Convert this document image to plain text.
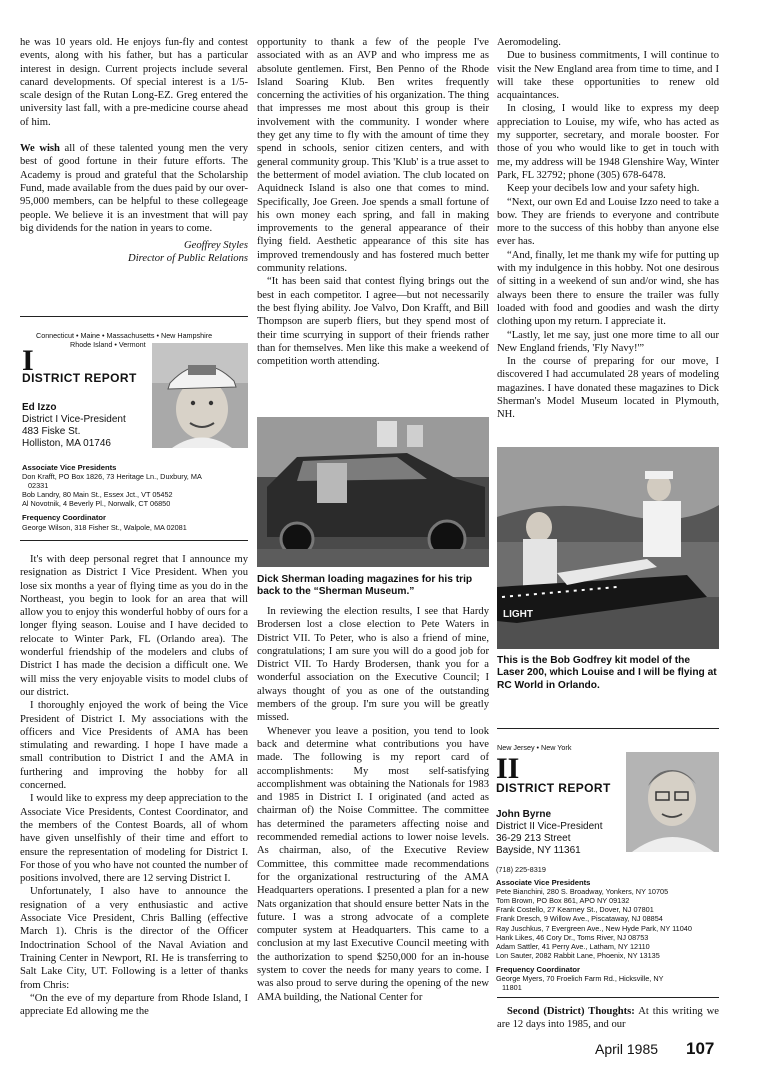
he was 10 years old. He enjoys fun-fly and contest events, along with his father, but has a particular interest in design. Current projects include several canard developments. Of special interest is a 1/5-scale design of the Rutan Long-EZ. Greg entered the university last fall, with a pre-medicine course ahead of him.

We wish all of these talented young men the very best of good fortune in their future efforts. The Academy is proud and grateful that the Scholarship Fund, made available from the dues paid by our over-95,000 members, can be helpful to these collegeage people. We believe it is an investment that will pay big dividends for the nation in years to come.

Geoffrey Styles

Director of Public Relations

Connecticut • Maine • Massachusetts • New Hampshire
Rhode Island • Vermont
I
DISTRICT REPORT
Ed Izzo
District I Vice-President
483 Fiske St.
Holliston, MA 01746
Associate Vice Presidents
Don Krafft, PO Box 1826, 73 Heritage Ln., Duxbury, MA
02331
Bob Landry, 80 Main St., Essex Jct., VT 05452
Al Novotnik, 4 Beverly Pl., Norwalk, CT 06850
Frequency Coordinator
George Wilson, 318 Fisher St., Walpole, MA 02081

It's with deep personal regret that I announce my resignation as District I Vice President. When you lose six months a year of flying time as you do in the Northeast, you begin to look for an area that will allow you to enjoy this wonderful hobby of ours for a longer flying season. Louise and I have decided to relocate to Winter Park, FL (Orlando area). The wonderful friendship of the modelers and clubs of District I has made the decision a difficult one. We will miss the very enjoyable visits to model clubs of our district.

I thoroughly enjoyed the work of being the Vice President of District I. My associations with the officers and Vice Presidents of AMA has been stimulating and rewarding. I hope I have made a small contribution to District I and the AMA in furthering and improving the hobby for all concerned.

I would like to express my deep appreciation to the Associate Vice Presidents, Contest Coordinator, and the members of the Contest Boards, all of whom have given unselfishly of their time and effort to ensure the representation of modeling for District I. For those of you who have not counted the number of positions involved, there are 12 serving District I.

Unfortunately, I also have to announce the resignation of a very enthusiastic and active Associate Vice President, Chris Balling (effective March 1). Chris is the director of the Officer Indoctrination School of the Naval Aviation and Training Center in Newport, RI. He is transferring to Salt Lake City, UT. Following is a letter of thanks from Chris:

“On the eve of my departure from Rhode Island, I appreciate Ed allowing me the

opportunity to thank a few of the people I've associated with as an AVP and who impress me as absolute gentlemen. First, Ben Penno of the Rhode Island Soaring Klub. Ben writes frequently concerning the activities of his organization. The thing that impresses me most about this group is their involvement with the community. I wonder where they get any time to fly with the amount of time they spend in schools, senior citizen centers, and with general community group. This 'Klub' is a true asset to the betterment of model aviation. The club located on Aquidneck Island is also one that comes to mind. Specifically, Joe Green. Joe spends a small fortune of his own money each spring, and fall in making improvements to the general appearance of their flying field. Aesthetic appearance of this site has improved tremendously and has fostered much better community relations.

“It has been said that contest flying brings out the best in each competitor. I agree—but not necessarily the best flying ability. Joe Valvo, Don Krafft, and Bill Thompson are superb fliers, but they spend most of their time scurrying in support of their friends rather than for themselves. Men like this make a weekend of competition worth attending.

Dick Sherman loading magazines for his trip back to the “Sherman Museum.”

In reviewing the election results, I see that Hardy Brodersen lost a close election to Pete Waters in District VII. To Peter, who is also a friend of mine, congratulations; I am sure you will do a good job for District VII. To Hardy Brodersen, thank you for a wonderful association on the Executive Council; I always thought of you as one of the outstanding members of the group. I'm sure you will be greatly missed.

Whenever you leave a position, you tend to look back and determine what contributions you have made. The following is my report card of accomplishments: My most self-satisfying accomplishment was obtaining the Nationals for 1983 and 1985 in District I. I originated (and acted as chairman of) the Noise Committee. The committee has determined the parameters affecting noise and recommended remedial actions to lower noise levels. As chairman, also, of the Executive Review Committee, this committee made recommendations for the organizational restructuring of the AMA Headquarters operations. I presented a plan for a new Nats organization that should ensure better Nats in the future. I was a strong advocate of a complete computer system at Headquarters. This came to a conclusion at my last Executive Council meeting with the authorization to spend $250,000 for an in-house system to cover the needs for many years to come. I was also proud to serve during the opening of the new AMA building, the National Center for

Aeromodeling.

Due to business commitments, I will continue to visit the New England area from time to time, and I will take these opportunities to renew old acquaintances.

In closing, I would like to express my deep appreciation to Louise, my wife, who has acted as my supporter, secretary, and morale booster. For those of you who would like to get in touch with me, my address will be 1948 Glenshire Way, Winter Park, FL 32792; phone (305) 678-6478.

Keep your decibels low and your safety high.

“Next, our own Ed and Louise Izzo need to take a bow. They are friends to everyone and contribute more to the success of this hobby than anyone else ever has.

“And, finally, let me thank my wife for putting up with my indulgence in this hobby. Not one desirous of sitting in a weekend of sun and/or wind, she has always been there to ensure the trailer was fully loaded with food and goodies and wash the dirty clothing upon my return. I appreciate it.

“Lastly, let me say, just one more time to all our New England friends, 'Fly Navy!'”

In the course of preparing for our move, I discovered I had accumulated 28 years of modeling magazines. I have donated these magazines to Dick Sherman's Model Museum located in Plymouth, NH.

LIGHT
This is the Bob Godfrey kit model of the Laser 200, which Louise and I will be flying at RC World in Orlando.
New Jersey • New York
II
DISTRICT REPORT
John Byrne
District II Vice-President
36-29 213 Street
Bayside, NY 11361
(718) 225-8319
Associate Vice Presidents
Pete Bianchini, 280 S. Broadway, Yonkers, NY 10705
Tom Brown, PO Box 861, APO NY 09132
Frank Costello, 27 Kearney St., Dover, NJ 07801
Frank Dresch, 9 Willow Ave., Piscataway, NJ 08854
Ray Juschkus, 7 Evergreen Ave., New Hyde Park, NY 11040
Hank Likes, 46 Cory Dr., Toms River, NJ 08753
Adam Sattler, 41 Perry Ave., Latham, NY 12110
Lon Sauter, 2082 Rabbit Lane, Phoenix, NY 13135
Frequency Coordinator
George Myers, 70 Froelich Farm Rd., Hicksville, NY
11801

Second (District) Thoughts: At this writing we are 12 days into 1985, and our

April 1985 107
